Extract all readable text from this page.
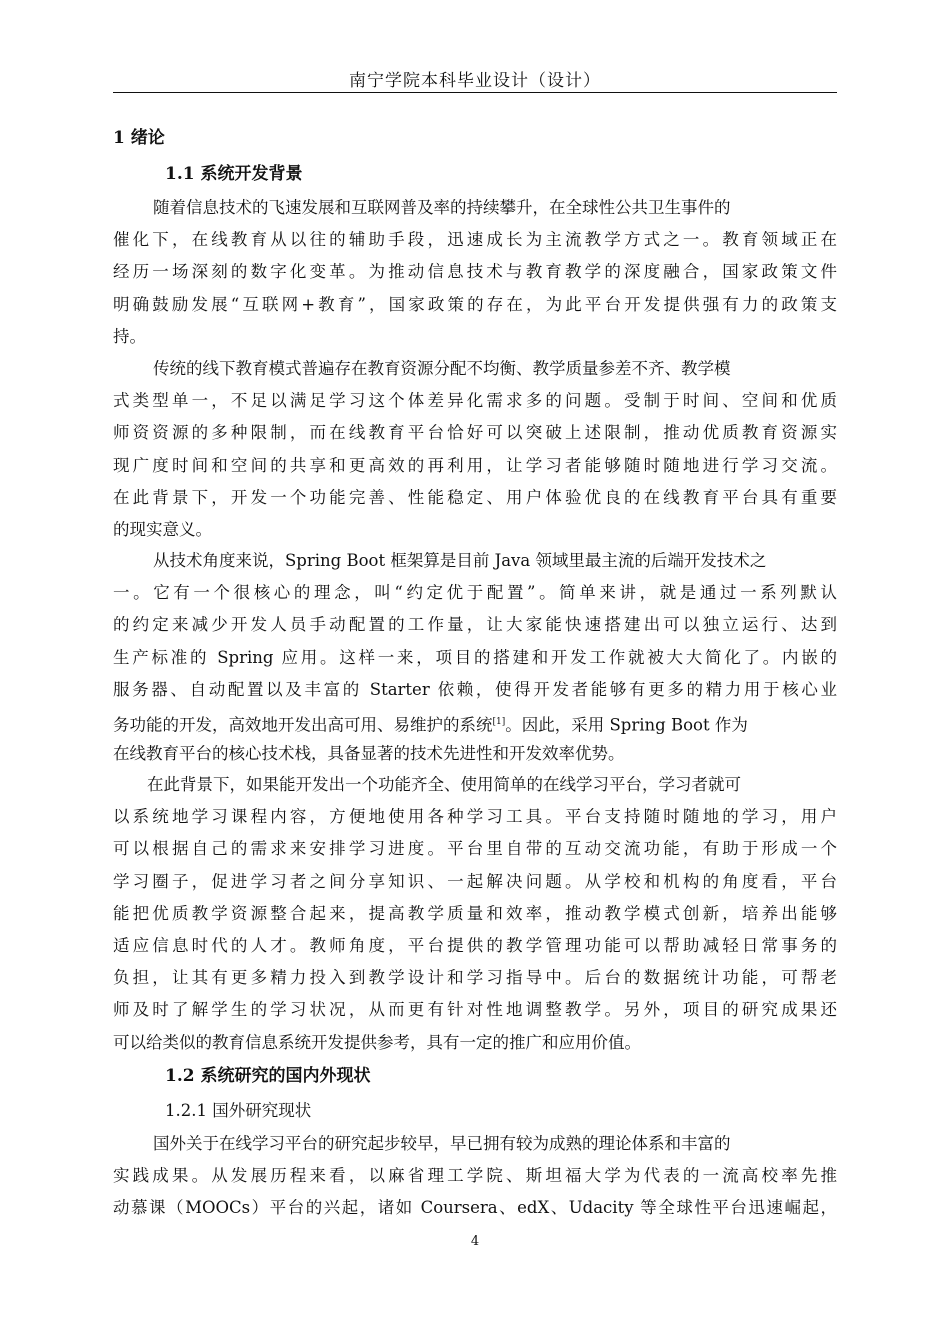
南宁学院本科毕业设计（设计）
1 绪论
1.1 系统开发背景
随着信息技术的飞速发展和互联网普及率的持续攀升，在全球性公共卫生事件的
催化下，在线教育从以往的辅助手段，迅速成长为主流教学方式之一。教育领域正在
经历一场深刻的数字化变革。为推动信息技术与教育教学的深度融合，国家政策文件
明确鼓励发展“互联网+教育”，国家政策的存在，为此平台开发提供强有力的政策支
持。
传统的线下教育模式普遍存在教育资源分配不均衡、教学质量参差不齐、教学模
式类型单一，不足以满足学习这个体差异化需求多的问题。受制于时间、空间和优质
师资资源的多种限制，而在线教育平台恰好可以突破上述限制，推动优质教育资源实
现广度时间和空间的共享和更高效的再利用，让学习者能够随时随地进行学习交流。
在此背景下，开发一个功能完善、性能稳定、用户体验优良的在线教育平台具有重要
的现实意义。
从技术角度来说，Spring Boot 框架算是目前 Java 领域里最主流的后端开发技术之
一。它有一个很核心的理念，叫“约定优于配置”。简单来讲，就是通过一系列默认
的约定来减少开发人员手动配置的工作量，让大家能快速搭建出可以独立运行、达到
生产标准的 Spring 应用。这样一来，项目的搭建和开发工作就被大大简化了。内嵌的
服务器、自动配置以及丰富的 Starter 依赖，使得开发者能够有更多的精力用于核心业
务功能的开发，高效地开发出高可用、易维护的系统[1]。因此，采用 Spring Boot 作为
在线教育平台的核心技术栈，具备显著的技术先进性和开发效率优势。
在此背景下，如果能开发出一个功能齐全、使用简单的在线学习平台，学习者就可
以系统地学习课程内容，方便地使用各种学习工具。平台支持随时随地的学习，用户
可以根据自己的需求来安排学习进度。平台里自带的互动交流功能，有助于形成一个
学习圈子，促进学习者之间分享知识、一起解决问题。从学校和机构的角度看，平台
能把优质教学资源整合起来，提高教学质量和效率，推动教学模式创新，培养出能够
适应信息时代的人才。教师角度，平台提供的教学管理功能可以帮助减轻日常事务的
负担，让其有更多精力投入到教学设计和学习指导中。后台的数据统计功能，可帮老
师及时了解学生的学习状况，从而更有针对性地调整教学。另外，项目的研究成果还
可以给类似的教育信息系统开发提供参考，具有一定的推广和应用价值。
1.2 系统研究的国内外现状
1.2.1 国外研究现状
国外关于在线学习平台的研究起步较早，早已拥有较为成熟的理论体系和丰富的
实践成果。从发展历程来看，以麻省理工学院、斯坦福大学为代表的一流高校率先推
动慕课（MOOCs）平台的兴起，诸如 Coursera、edX、Udacity 等全球性平台迅速崛起，
4
